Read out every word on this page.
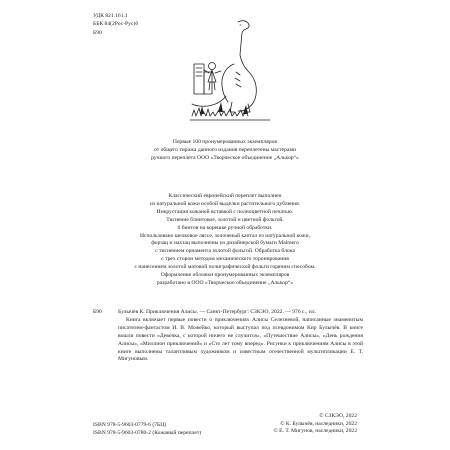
УДК 821.161.1
ББК 84(2Рос-Рус)6
Б90
Первые 100 пронумерованных экземпляров
от общего тиража данного издания переплетены мастерами
ручного переплета ООО «Творческое объединение „Алькор“»
Классический европейский переплет выполнен
из натуральной кожи особой выделки растительного дубления.
Инкрустация кожаной вставкой с полноцветной печатью.
Тиснение блинтовое, золотой и цветной фольгой.
6 бинтов на корешке ручной обработки.
Использовано шелковое ляссе, золоченый каптал из натуральной кожи,
форзац и нахзац выполнены из дизайнерской бумаги Malmero
с тиснением орнамента золотой фольгой. Обработка блока
с трех сторон методом механического торонирования
с нанесением золотой матовой полиграфической фольги горячим способом.
Оформление обложки пронумерованных экземпляров
разработано в ООО «Творческое объединение „Алькор“»
Б90	Булычёв К. Приключения Алисы. — Санкт-Петербург: СЗКЭО, 2022. — 976 с., ил.

Книга включает первые повести о приключениях Алисы Селезневой, написанные знаменитым писателем-фантастом И. В. Можейко, который выступал под псевдонимом Кир Булычёв. В книге вошли повести «Девочка, с которой ничего не случится», «Путешествие Алисы», «День рождения Алисы», «Миллион приключений» и «Сто лет тому вперед». Рисунки к приключениям Алисы в этой книге выполнены талантливым художником и известным отечественной мультипликации Е. Т. Мигуновым.

ISBN 978-5-9603-0779-6 (7БЦ)
ISBN 978-5-9603-0780-2 (Кожаный переплет)
© СЗКЭО, 2022
© К. Булычёв, наследники, 2022
© Е. Т. Мигунов, наследники, 2022
